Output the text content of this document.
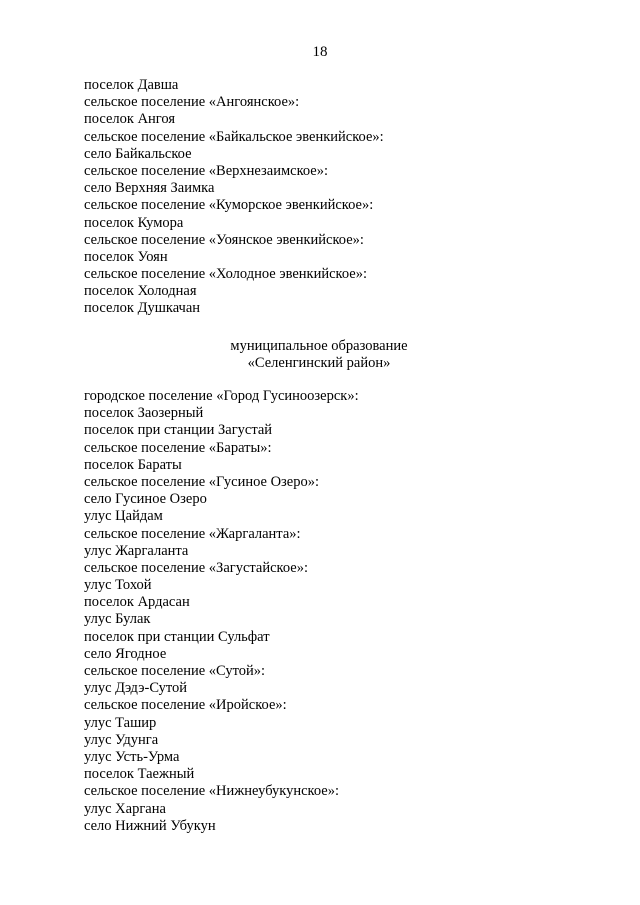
18
поселок Давша
сельское поселение «Ангоянское»:
поселок Ангоя
сельское поселение «Байкальское эвенкийское»:
село Байкальское
сельское поселение «Верхнезаимское»:
село Верхняя Заимка
сельское поселение «Куморское эвенкийское»:
поселок Кумора
сельское поселение «Уоянское эвенкийское»:
поселок Уоян
сельское поселение «Холодное эвенкийское»:
поселок Холодная
поселок Душкачан
муниципальное образование
«Селенгинский район»
городское поселение «Город Гусиноозерск»:
поселок Заозерный
поселок при станции Загустай
сельское поселение «Бараты»:
поселок Бараты
сельское поселение «Гусиное Озеро»:
село Гусиное Озеро
улус Цайдам
сельское поселение «Жаргаланта»:
улус Жаргаланта
сельское поселение «Загустайское»:
улус Тохой
поселок Ардасан
улус Булак
поселок при станции Сульфат
село Ягодное
сельское поселение «Сутой»:
улус Дэдэ-Сутой
сельское поселение «Иройское»:
улус Ташир
улус Удунга
улус Усть-Урма
поселок Таежный
сельское поселение «Нижнеубукунское»:
улус Харгана
село Нижний Убукун
